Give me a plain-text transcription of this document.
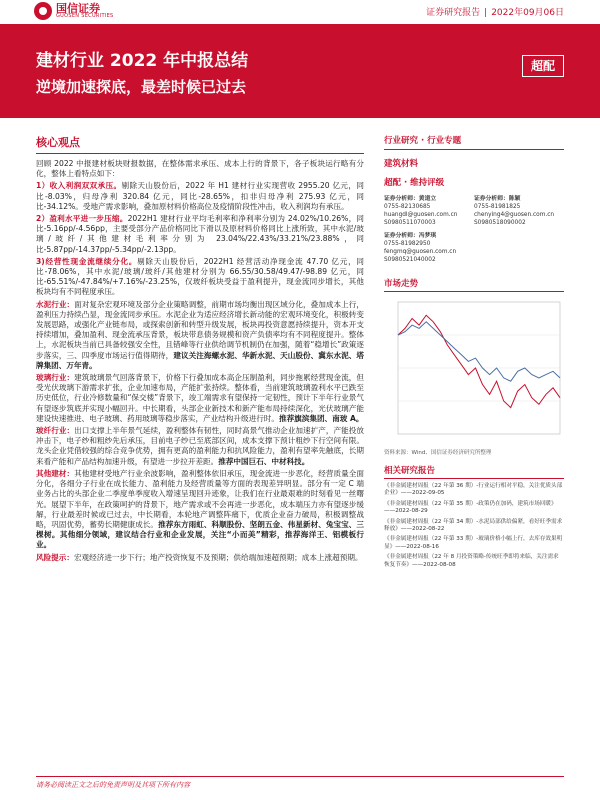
国信证券
GUOSEN SECURITIES	证券研究报告 | 2022年09月06日
建材行业 2022 年中报总结
逆境加速探底，最差时候已过去
超配
核心观点

回顾 2022 中报建材板块财报数据，在整体需求承压、成本上行的背景下，各子板块运行略有分化，整体上看特点如下：

1）收入利润双双承压。剔除天山股份后，2022 年 H1 建材行业实现营收 2955.20 亿元，同比-8.03%，归母净利 320.84 亿元，同比-28.65%，扣非归母净利 275.93 亿元，同比-34.12%。受地产需求影响，叠加原材料价格高位及疫情阶段性冲击，收入利润均有承压。

2）盈利水平进一步压缩。2022H1 建材行业平均毛利率和净利率分别为 24.02%/10.26%，同比-5.16pp/-4.56pp，主要受部分产品价格同比下滑以及原材料价格同比上涨所致，其中水泥/玻璃/玻纤/其他建材毛利率分别为 23.04%/22.43%/33.21%/23.88%，同比-5.87pp/-14.37pp/-5.34pp/-2.13pp。

3)经营性现金流继续分化。剔除天山股份后，2022H1 经营活动净现金流 47.70 亿元，同比-78.06%，其中水泥/玻璃/玻纤/其他建材分别为 66.55/30.58/49.47/-98.89 亿元，同比-65.51%/-47.84%/+7.16%/-23.25%，仅玻纤板块受益于盈利提升，现金流同步增长，其他板块均有不同程度承压。

水泥行业：面对复杂宏观环境及部分企业策略调整，前期市场均衡出现区域分化，叠加成本上行，盈利压力持续凸显，现金流同步承压。水泥企业为适应经济增长新动能的宏观环境变化，积极转变发展思路，或强化产业链布局，或探索创新和转型升级发展，板块再投资意愿持续提升，资本开支持续增加，叠加盈利、现金流承压背景，板块带息债务规模和资产负债率均有不同程度提升。整体上，水泥板块当前已具备较强安全性，且错峰等行业供给调节机制仍在加强，随着“稳增长”政策逐步落实，三、四季度市场运行值得期待，建议关注海螺水泥、华新水泥、天山股份、冀东水泥、塔牌集团、万年青。

玻璃行业：建筑玻璃景气回落背景下，价格下行叠加成本高企压制盈利，同步拖累经营现金流，但受光伏玻璃下游需求扩张，企业加速布局，产能扩张持续。整体看，当前建筑玻璃盈利水平已跌至历史低位，行业冷修数量和“保交楼”背景下，竣工端需求有望保持一定韧性，预计下半年行业景气有望逐步筑底并实现小幅回升。中长期看，头部企业新技术和新产能布局持续深化，光伏玻璃产能建设快速推进、电子玻璃、药用玻璃等稳步落实，产业结构升级进行时。推荐旗滨集团、南玻 A。

玻纤行业：出口支撑上半年景气延续，盈利整体有韧性，同时高景气推动企业加速扩产，产能投放冲击下，电子纱和粗纱先后承压，目前电子纱已至底部区间，成本支撑下预计粗纱下行空间有限。龙头企业凭借较强的综合竞争优势，拥有更高的盈利能力和抗风险能力，盈利有望率先触底，长期来看产能和产品结构加速升级，有望进一步拉开差距。推荐中国巨石、中材科技。

其他建材：其他建材受地产行业余波影响，盈利整体依旧承压，现金流进一步恶化，经营质量全面分化，各细分子行业在成长能力、盈利能力及经营质量等方面的表现差异明显。部分有一定 C 端业务占比的头部企业二季度单季度收入增速呈现回升迹象，让我们在行业最艰难的时刻看见一丝曙光。展望下半年，在政策呵护的背景下，地产需求或不会再进一步恶化，成本端压力亦有望逐步缓解，行业最差时候或已过去，中长期看，本轮地产调整阵痛下，优质企业奋力破局，积极调整战略，巩固优势，蓄势长期健康成长。推荐东方雨虹、科顺股份、坚朗五金、伟星新材、兔宝宝、三棵树。其他细分领域，建议结合行业和企业发展，关注“小而美”精彩，推荐海洋王、铝模板行业。

风险提示：宏观经济进一步下行；地产投资恢复不及预期；供给端加速超预期；成本上涨超预期。

行业研究 · 行业专题
建筑材料
超配 · 维持评级
证券分析师：黄道立
0755-82130685
huangdl@guosen.com.cn
S0980511070003
证券分析师：陈颖
0755-81981825
chenying4@guosen.com.cn
S0980518090002
证券分析师：冯梦琪
0755-81982950
fengmq@guosen.com.cn
S0980521040002
市场走势
资料来源：Wind、国信证券经济研究所整理
相关研究报告
《非金属建材周报（22 年第 36 期）-行业运行相对平稳，关注优质头部企业》——2022-09-05
《非金属建材周报（22 年第 35 期）-政策仍在加码，建筑市场回暖》——2022-08-29
《非金属建材周报（22 年第 34 期）-水泥局部供给偏紧，看好旺季需求释放》——2022-08-22
《非金属建材周报（22 年第 33 期）-玻璃价格小幅上行，去库存效果明显》——2022-08-16
《非金属建材周报（22 年 8 月投资策略-传统旺季即将来临，关注需求恢复节奏》——2022-08-08
请务必阅读正文之后的免责声明及其项下所有内容
